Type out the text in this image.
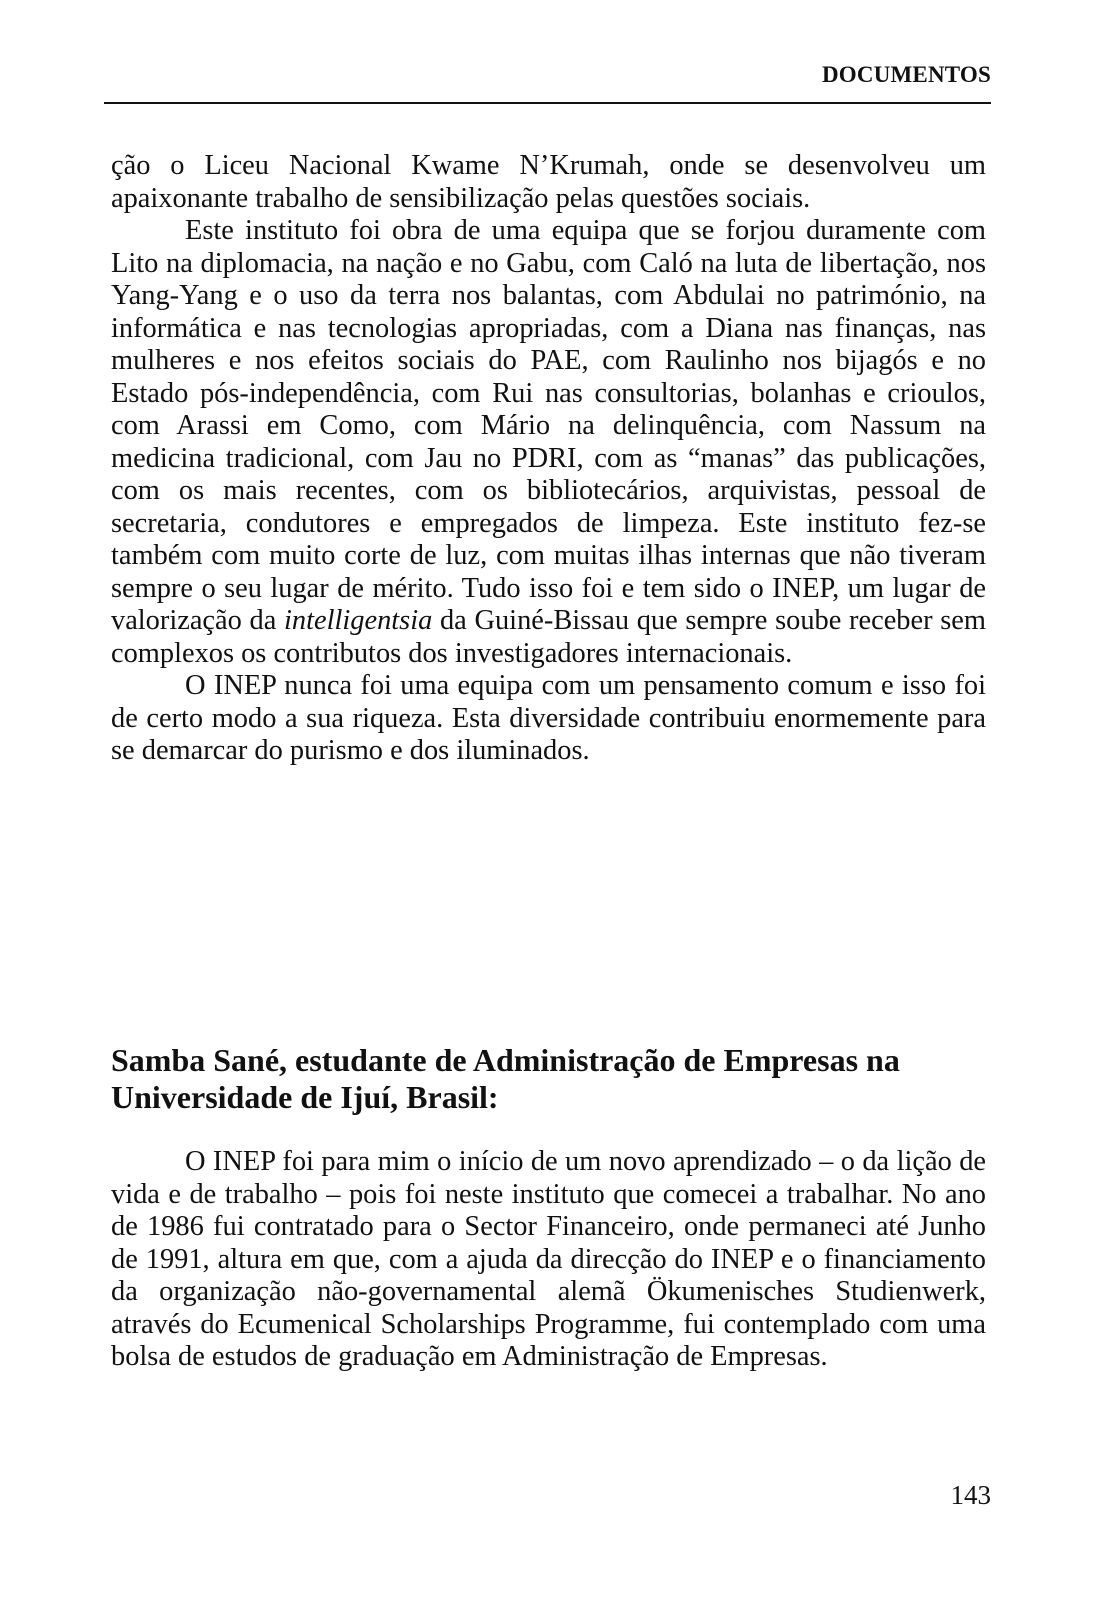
DOCUMENTOS

ção o Liceu Nacional Kwame N’Krumah, onde se desenvolveu um apaixonante trabalho de sensibilização pelas questões sociais.

Este instituto foi obra de uma equipa que se forjou duramente com Lito na diplomacia, na nação e no Gabu, com Caló na luta de libertação, nos Yang-Yang e o uso da terra nos balantas, com Abdulai no património, na informática e nas tecnologias apropriadas, com a Diana nas finanças, nas mulheres e nos efeitos sociais do PAE, com Raulinho nos bijagós e no Estado pós-independência, com Rui nas consultorias, bolanhas e crioulos, com Arassi em Como, com Mário na delinquência, com Nassum na medicina tradicional, com Jau no PDRI, com as “manas” das publicações, com os mais recentes, com os bibliotecários, arquivistas, pessoal de secretaria, condutores e empregados de limpeza. Este instituto fez-se também com muito corte de luz, com muitas ilhas internas que não tiveram sempre o seu lugar de mérito. Tudo isso foi e tem sido o INEP, um lugar de valorização da intelligentsia da Guiné-Bissau que sempre soube receber sem complexos os contributos dos investigadores internacionais.

O INEP nunca foi uma equipa com um pensamento comum e isso foi de certo modo a sua riqueza. Esta diversidade contribuiu enormemente para se demarcar do purismo e dos iluminados.

Samba Sané, estudante de Administração de Empresas na Universidade de Ijuí, Brasil:

O INEP foi para mim o início de um novo aprendizado – o da lição de vida e de trabalho – pois foi neste instituto que comecei a trabalhar. No ano de 1986 fui contratado para o Sector Financeiro, onde permaneci até Junho de 1991, altura em que, com a ajuda da direcção do INEP e o financiamento da organização não-governamental alemã Ökumenisches Studienwerk, através do Ecumenical Scholarships Programme, fui contemplado com uma bolsa de estudos de graduação em Administração de Empresas.

143
